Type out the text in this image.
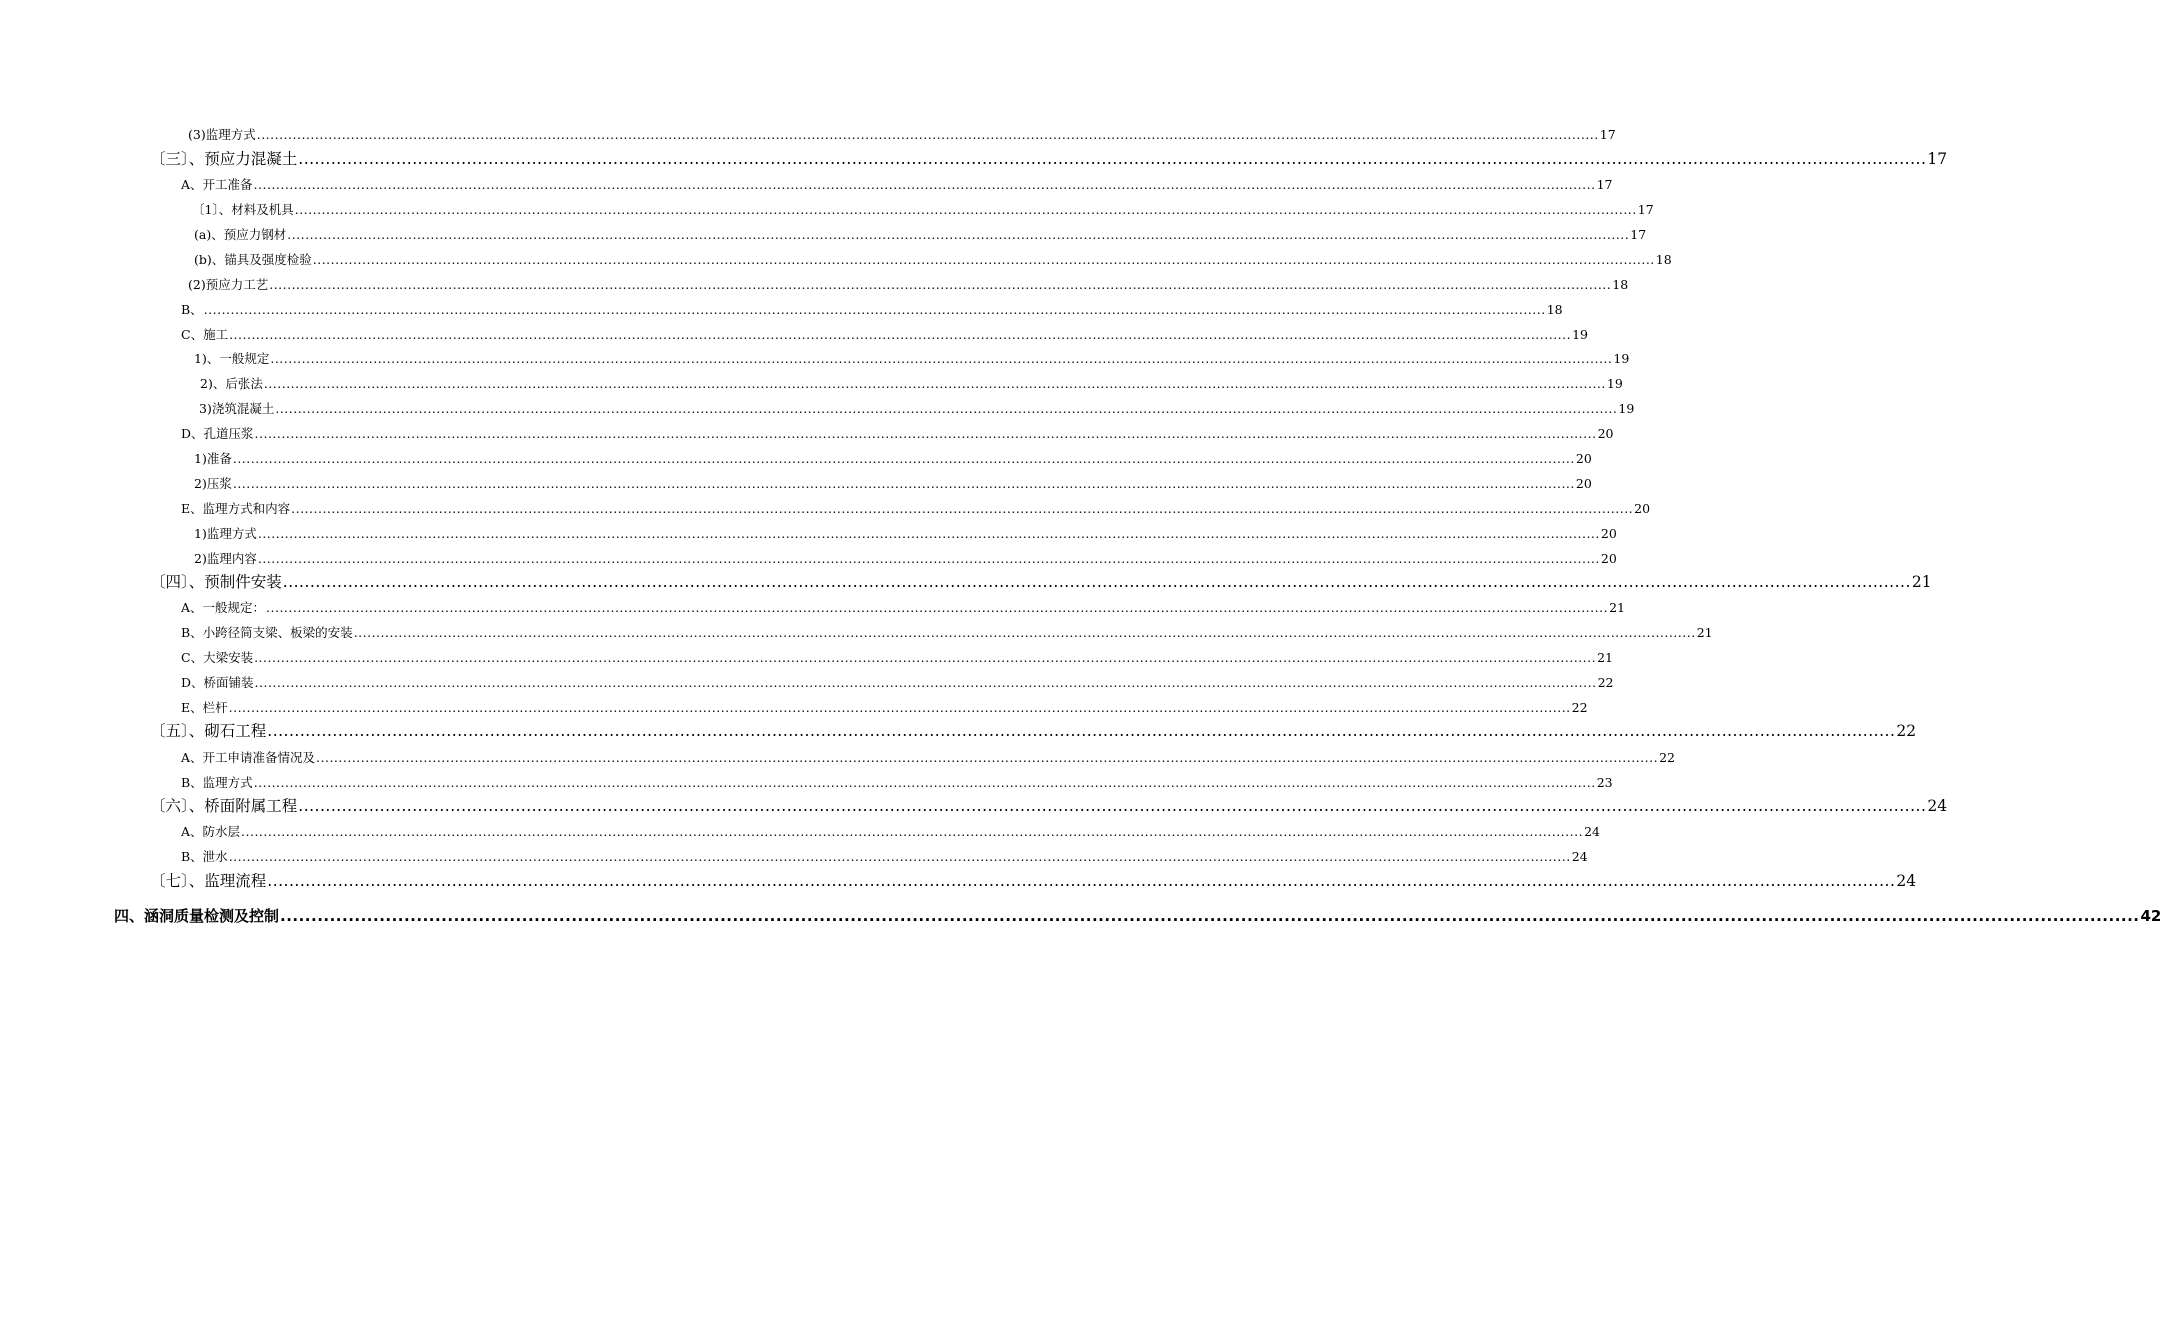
(3)监理方式 ............................................................................................................................................................................................................................................................................................................ 17
〔三〕、预应力混凝土 ............................................................................................................................................................................................................................................................................................................ 17
A、开工准备 ............................................................................................................................................................................................................................................................................................................ 17
〔1〕、材料及机具 ............................................................................................................................................................................................................................................................................................................ 17
(a)、预应力钢材 ............................................................................................................................................................................................................................................................................................................ 17
(b)、锚具及强度检验 ............................................................................................................................................................................................................................................................................................................ 18
(2)预应力工艺 ............................................................................................................................................................................................................................................................................................................ 18
B、 ............................................................................................................................................................................................................................................................................................................ 18
C、施工 ............................................................................................................................................................................................................................................................................................................ 19
1)、一般规定 ............................................................................................................................................................................................................................................................................................................ 19
2)、后张法 ............................................................................................................................................................................................................................................................................................................ 19
3)浇筑混凝土 ............................................................................................................................................................................................................................................................................................................ 19
D、孔道压浆 ............................................................................................................................................................................................................................................................................................................ 20
1)准备 ............................................................................................................................................................................................................................................................................................................ 20
2)压浆 ............................................................................................................................................................................................................................................................................................................ 20
E、监理方式和内容 ............................................................................................................................................................................................................................................................................................................ 20
1)监理方式 ............................................................................................................................................................................................................................................................................................................ 20
2)监理内容 ............................................................................................................................................................................................................................................................................................................ 20
〔四〕、预制件安装 ............................................................................................................................................................................................................................................................................................................ 21
A、一般规定： ............................................................................................................................................................................................................................................................................................................ 21
B、小跨径简支梁、板梁的安装 ............................................................................................................................................................................................................................................................................................................ 21
C、大梁安装 ............................................................................................................................................................................................................................................................................................................ 21
D、桥面铺装 ............................................................................................................................................................................................................................................................................................................ 22
E、栏杆 ............................................................................................................................................................................................................................................................................................................ 22
〔五〕、砌石工程 ............................................................................................................................................................................................................................................................................................................ 22
A、开工申请准备情况及 ............................................................................................................................................................................................................................................................................................................ 22
B、监理方式 ............................................................................................................................................................................................................................................................................................................ 23
〔六〕、桥面附属工程 ............................................................................................................................................................................................................................................................................................................ 24
A、防水层 ............................................................................................................................................................................................................................................................................................................ 24
B、泄水 ............................................................................................................................................................................................................................................................................................................ 24
〔七〕、监理流程 ............................................................................................................................................................................................................................................................................................................ 24
四、涵洞质量检测及控制 ............................................................................................................................................................................................................................................................................................................ 42
